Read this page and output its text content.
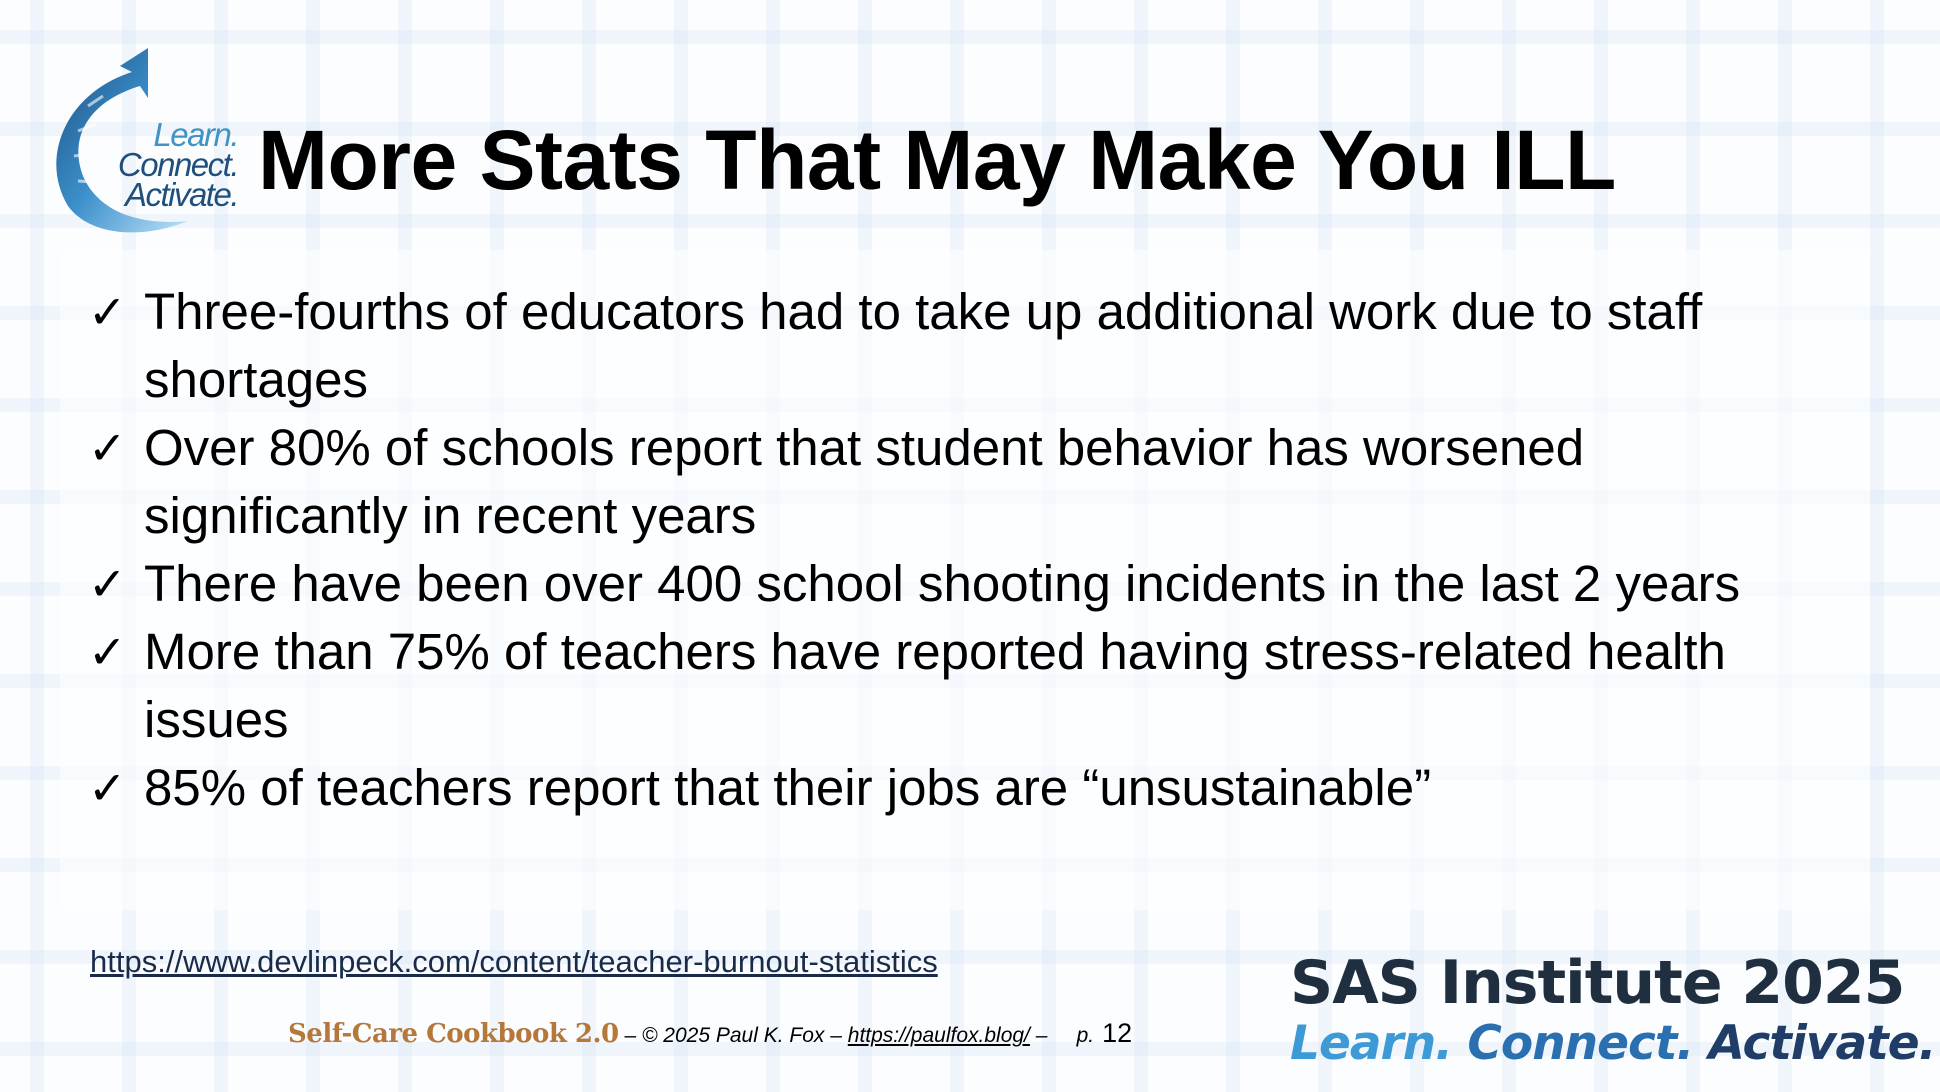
Learn.
Connect.
Activate. More Stats That May Make You ILL
✓ Three-fourths of educators had to take up additional work due to staff shortages
✓ Over 80% of schools report that student behavior has worsened significantly in recent years
✓ There have been over 400 school shooting incidents in the last 2 years
✓ More than 75% of teachers have reported having stress-related health issues
✓ 85% of teachers report that their jobs are “unsustainable”
https://www.devlinpeck.com/content/teacher-burnout-statistics
Self-Care Cookbook 2.0 – © 2025 Paul K. Fox – https://paulfox.blog/ –     p. 12
SAS Institute 2025
Learn. Connect. Activate.
